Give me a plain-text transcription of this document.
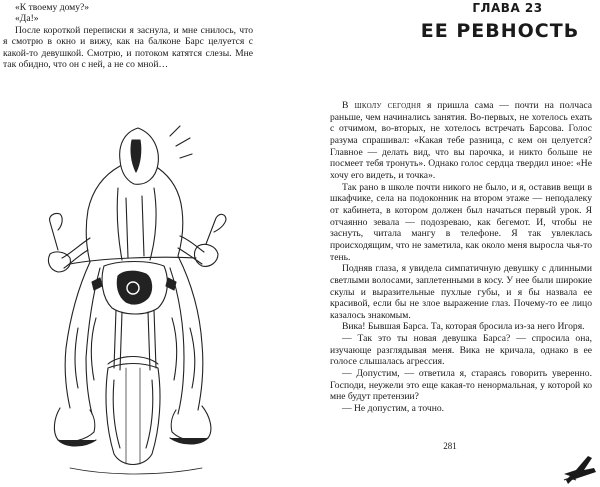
«К твоему дому?»

«Да!»

После короткой переписки я заснула, и мне снилось, что я смотрю в окно и вижу, как на балконе Барс целуется с какой-то девушкой. Смотрю, и потоком катятся слезы. Мне так обидно, что он с ней, а не со мной…

ГЛАВА 23
ЕЕ РЕВНОСТЬ

В школу сегодня я пришла сама — почти на полчаса раньше, чем начинались занятия. Во-первых, не хотелось ехать с отчимом, во-вторых, не хотелось встречать Барсова. Голос разума спрашивал: «Какая тебе разница, с кем он целуется? Главное — делать вид, что вы парочка, и никто больше не посмеет тебя тронуть». Однако голос сердца твердил иное: «Не хочу его видеть, и точка».

Так рано в школе почти никого не было, и я, оставив вещи в шкафчике, села на подоконник на втором этаже — неподалеку от кабинета, в котором должен был начаться первый урок. Я отчаянно зевала — подозреваю, как бегемот. И, чтобы не заснуть, читала мангу в телефоне. Я так увлеклась происходящим, что не заметила, как около меня выросла чья-то тень.

Подняв глаза, я увидела симпатичную девушку с длинными светлыми волосами, заплетенными в косу. У нее были широкие скулы и выразительные пухлые губы, и я бы назвала ее красивой, если бы не злое выражение глаз. Почему-то ее лицо казалось знакомым.

Вика! Бывшая Барса. Та, которая бросила из-за него Игоря.

— Так это ты новая девушка Барса? — спросила она, изучающе разглядывая меня. Вика не кричала, однако в ее голосе слышалась агрессия.

— Допустим, — ответила я, стараясь говорить уверенно. Господи, неужели это еще какая-то ненормальная, у которой ко мне будут претензии?

— Не допустим, а точно.

281
